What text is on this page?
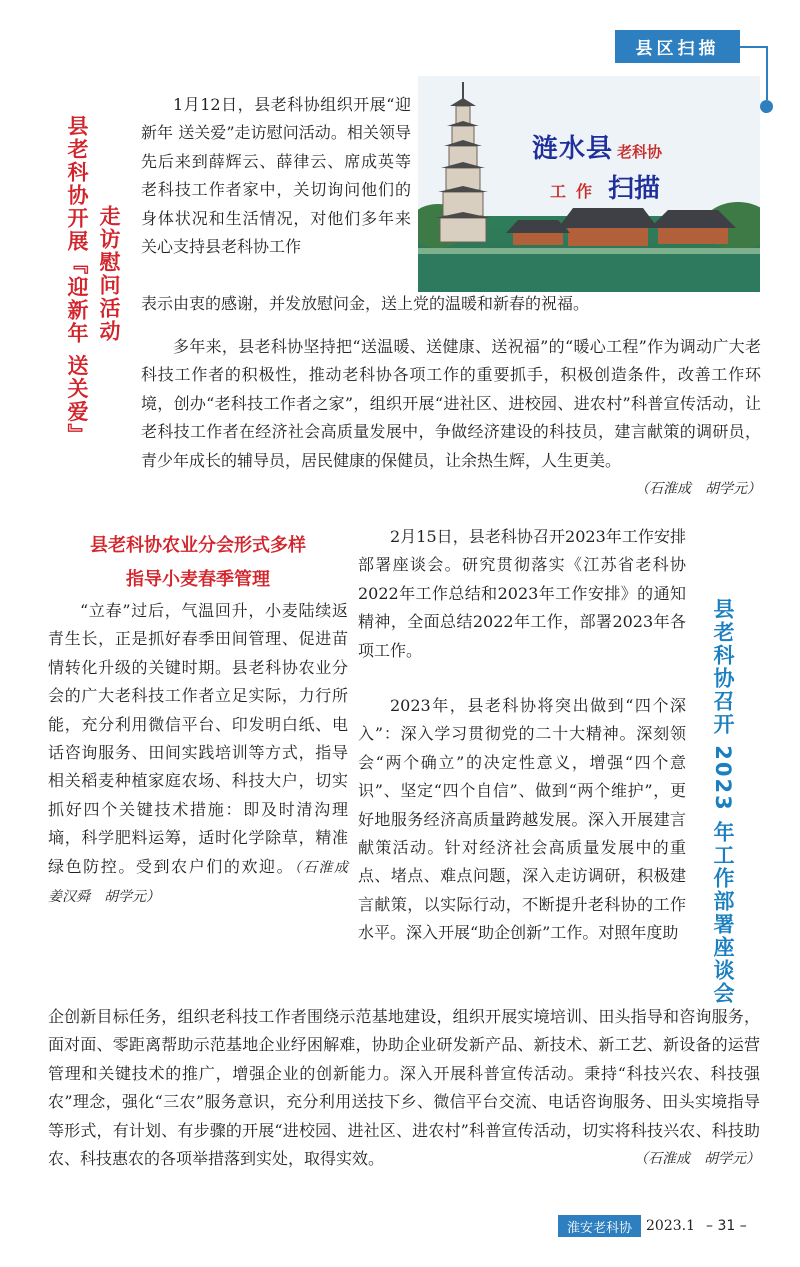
县区扫描
县老科协开展『迎新年 送关爱』 走访慰问活动

1月12日，县老科协组织开展“迎新年 送关爱”走访慰问活动。相关领导先后来到薛辉云、薛律云、席成英等老科技工作者家中，关切询问他们的身体状况和生活情况，对他们多年来关心支持县老科协工作

表示由衷的感谢，并发放慰问金，送上党的温暖和新春的祝福。

多年来，县老科协坚持把“送温暖、送健康、送祝福”的“暖心工程”作为调动广大老科技工作者的积极性，推动老科协各项工作的重要抓手，积极创造条件，改善工作环境，创办“老科技工作者之家”，组织开展“进社区、进校园、进农村”科普宣传活动，让老科技工作者在经济社会高质量发展中，争做经济建设的科技员，建言献策的调研员，青少年成长的辅导员，居民健康的保健员，让余热生辉，人生更美。
（石淮成　胡学元）

涟水县 老科协
工作 扫描
县老科协农业分会形式多样
指导小麦春季管理

“立春”过后，气温回升，小麦陆续返青生长，正是抓好春季田间管理、促进苗情转化升级的关键时期。县老科协农业分会的广大老科技工作者立足实际，力行所能，充分利用微信平台、印发明白纸、电话咨询服务、田间实践培训等方式，指导相关稻麦种植家庭农场、科技大户，切实抓好四个关键技术措施：即及时清沟理墒，科学肥料运筹，适时化学除草，精准绿色防控。受到农户们的欢迎。（石淮成　姜汉舜　胡学元）	县老科协召开 2023 年工作部署座谈会

2月15日，县老科协召开2023年工作安排部署座谈会。研究贯彻落实《江苏省老科协2022年工作总结和2023年工作安排》的通知精神，全面总结2022年工作，部署2023年各项工作。

2023年，县老科协将突出做到“四个深入”：深入学习贯彻党的二十大精神。深刻领会“两个确立”的决定性意义，增强“四个意识”、坚定“四个自信”、做到“两个维护”，更好地服务经济高质量跨越发展。深入开展建言献策活动。针对经济社会高质量发展中的重点、堵点、难点问题，深入走访调研，积极建言献策，以实际行动，不断提升老科协的工作水平。深入开展“助企创新”工作。对照年度助

企创新目标任务，组织老科技工作者围绕示范基地建设，组织开展实境培训、田头指导和咨询服务，面对面、零距离帮助示范基地企业纾困解难，协助企业研发新产品、新技术、新工艺、新设备的运营管理和关键技术的推广，增强企业的创新能力。深入开展科普宣传活动。秉持“科技兴农、科技强农”理念，强化“三农”服务意识，充分利用送技下乡、微信平台交流、电话咨询服务、田头实境指导等形式，有计划、有步骤的开展“进校园、进社区、进农村”科普宣传活动，切实将科技兴农、科技助农、科技惠农的各项举措落到实处，取得实效。	（石淮成　胡学元）

淮安老科协	2023.1 – 31 –
